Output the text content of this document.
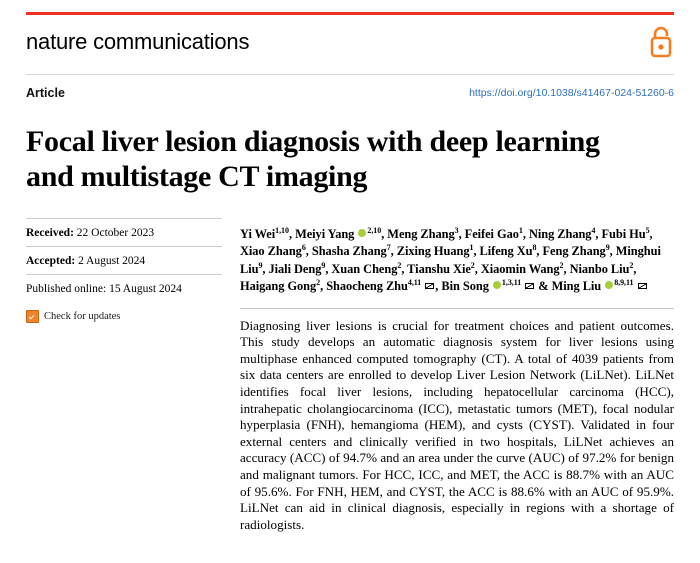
nature communications
Article	https://doi.org/10.1038/s41467-024-51260-6
Focal liver lesion diagnosis with deep learning and multistage CT imaging
Received: 22 October 2023
Accepted: 2 August 2024
Published online: 15 August 2024
Check for updates
Yi Wei$^{1,10}$, Meiyi Yang $^{2,10}$, Meng Zhang$^3$, Feifei Gao$^1$, Ning Zhang$^4$, Fubi Hu$^5$, Xiao Zhang$^6$, Shasha Zhang$^7$, Zixing Huang$^1$, Lifeng Xu$^8$, Feng Zhang$^9$, Minghui Liu$^9$, Jiali Deng$^9$, Xuan Cheng$^2$, Tianshu Xie$^2$, Xiaomin Wang$^2$, Nianbo Liu$^2$, Haigang Gong$^2$, Shaocheng Zhu$^{4,11}$ , Bin Song $^{1,3,11}$  & Ming Liu $^{8,9,11}$
Diagnosing liver lesions is crucial for treatment choices and patient outcomes. This study develops an automatic diagnosis system for liver lesions using multiphase enhanced computed tomography (CT). A total of 4039 patients from six data centers are enrolled to develop Liver Lesion Network (LiLNet). LiLNet identifies focal liver lesions, including hepatocellular carcinoma (HCC), intrahepatic cholangiocarcinoma (ICC), metastatic tumors (MET), focal nodular hyperplasia (FNH), hemangioma (HEM), and cysts (CYST). Validated in four external centers and clinically verified in two hospitals, LiLNet achieves an accuracy (ACC) of 94.7% and an area under the curve (AUC) of 97.2% for benign and malignant tumors. For HCC, ICC, and MET, the ACC is 88.7% with an AUC of 95.6%. For FNH, HEM, and CYST, the ACC is 88.6% with an AUC of 95.9%. LiLNet can aid in clinical diagnosis, especially in regions with a shortage of radiologists.
